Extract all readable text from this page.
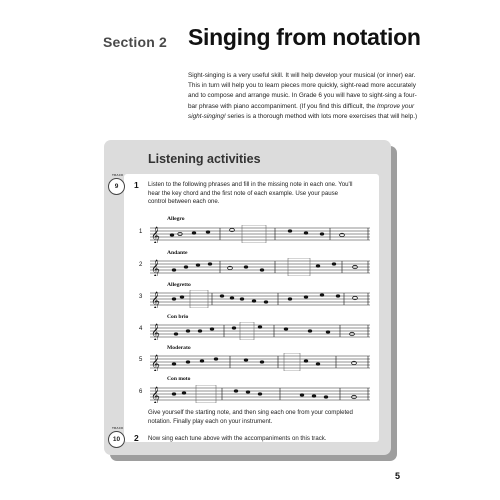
Section 2 Singing from notation
Sight-singing is a very useful skill. It will help develop your musical (or inner) ear. This in turn will help you to learn pieces more quickly, sight-read more accurately and to compose and arrange music. In Grade 6 you will have to sight-sing a four-bar phrase with piano accompaniment. (If you find this difficult, the Improve your sight-singing! series is a thorough method with lots more exercises that will help.)
Listening activities
TRACK
9	1 Listen to the following phrases and fill in the missing note in each one. You'll hear the key chord and the first note of each example. Use your pause control between each one.
Allegro
1 𝄞
Andante
2 𝄞
Allegretto
3 𝄞
Con brio
4 𝄞
Moderato
5 𝄞
Con moto
6 𝄞
Give yourself the starting note, and then sing each one from your completed notation. Finally play each on your instrument.
TRACK
10	2 Now sing each tune above with the accompaniments on this track.
5
